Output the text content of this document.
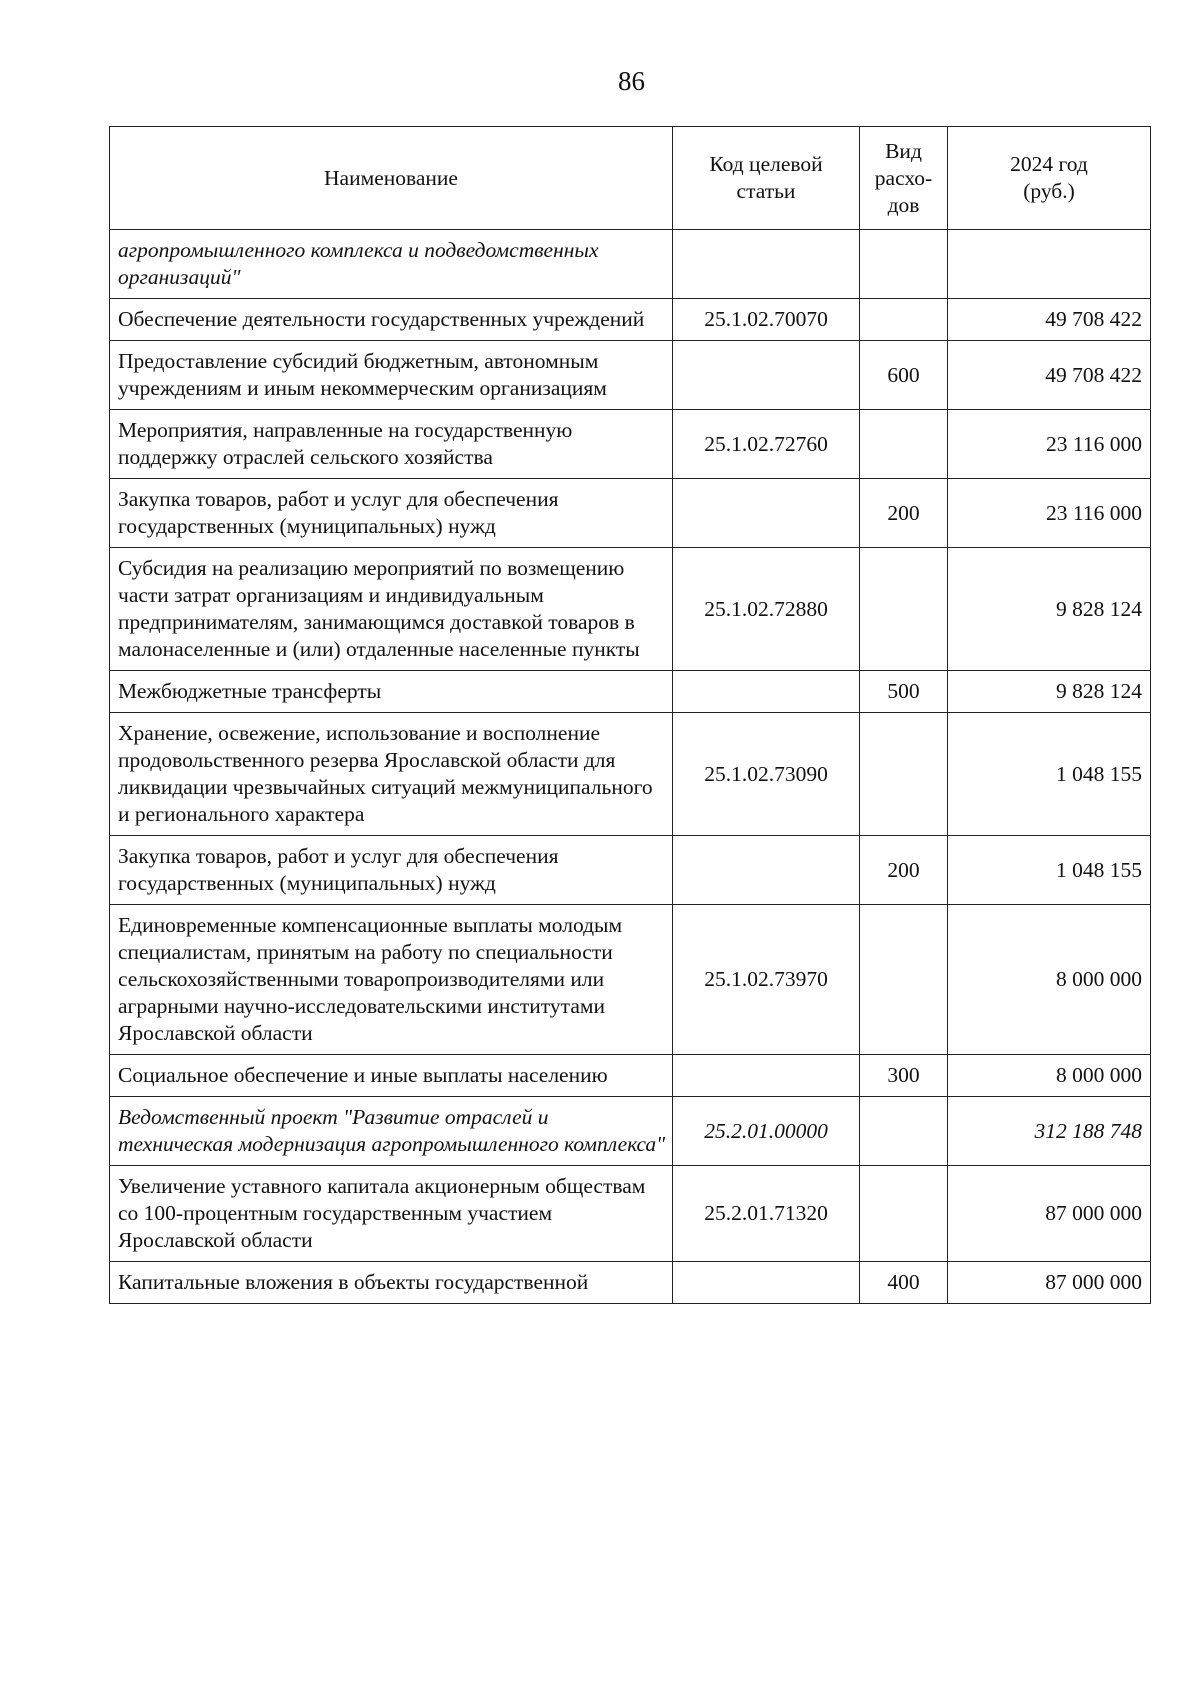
86
Наименование	Код целевой статьи	Вид расхо-дов	2024 год (руб.)
агропромышленного комплекса и подведомственных организаций"			
Обеспечение деятельности государственных учреждений	25.1.02.70070		49 708 422
Предоставление субсидий бюджетным, автономным учреждениям и иным некоммерческим организациям		600	49 708 422
Мероприятия, направленные на государственную поддержку отраслей сельского хозяйства	25.1.02.72760		23 116 000
Закупка товаров, работ и услуг для обеспечения государственных (муниципальных) нужд		200	23 116 000
Субсидия на реализацию мероприятий по возмещению части затрат организациям и индивидуальным предпринимателям, занимающимся доставкой товаров в малонаселенные и (или) отдаленные населенные пункты	25.1.02.72880		9 828 124
Межбюджетные трансферты		500	9 828 124
Хранение, освежение, использование и восполнение продовольственного резерва Ярославской области для ликвидации чрезвычайных ситуаций межмуниципального и регионального характера	25.1.02.73090		1 048 155
Закупка товаров, работ и услуг для обеспечения государственных (муниципальных) нужд		200	1 048 155
Единовременные компенсационные выплаты молодым специалистам, принятым на работу по специальности сельскохозяйственными товаропроизводителями или аграрными научно-исследовательскими институтами Ярославской области	25.1.02.73970		8 000 000
Социальное обеспечение и иные выплаты населению		300	8 000 000
Ведомственный проект "Развитие отраслей и техническая модернизация агропромышленного комплекса"	25.2.01.00000		312 188 748
Увеличение уставного капитала акционерным обществам со 100-процентным государственным участием Ярославской области	25.2.01.71320		87 000 000
Капитальные вложения в объекты государственной		400	87 000 000
